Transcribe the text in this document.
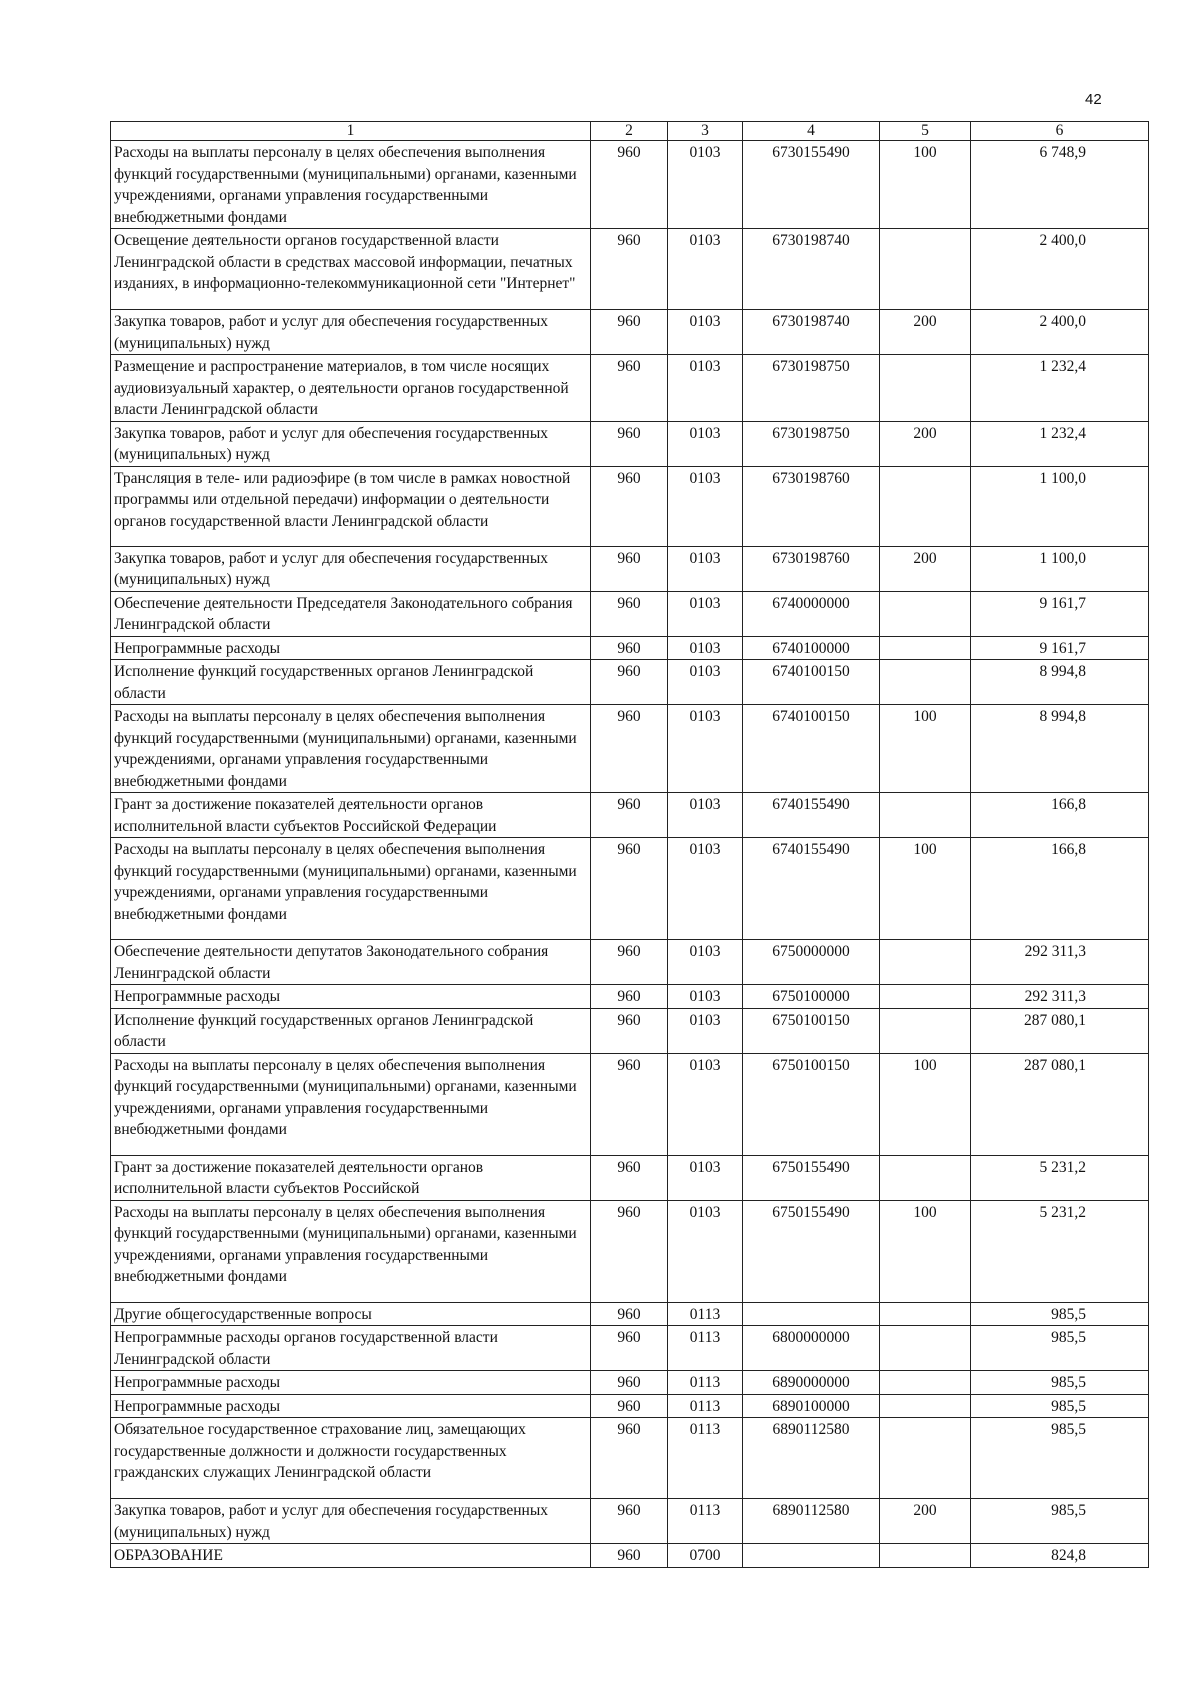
42
1	2	3	4	5	6
Расходы на выплаты персоналу в целях обеспечения выполнения функций государственными (муниципальными) органами, казенными учреждениями, органами управления государственными внебюджетными фондами	960	0103	6730155490	100	6 748,9
Освещение деятельности органов государственной власти Ленинградской области в средствах массовой информации, печатных изданиях, в информационно-телекоммуникационной сети "Интернет"	960	0103	6730198740		2 400,0
Закупка товаров, работ и услуг для обеспечения государственных (муниципальных) нужд	960	0103	6730198740	200	2 400,0
Размещение и распространение материалов, в том числе носящих аудиовизуальный характер, о деятельности органов государственной власти Ленинградской области	960	0103	6730198750		1 232,4
Закупка товаров, работ и услуг для обеспечения государственных (муниципальных) нужд	960	0103	6730198750	200	1 232,4
Трансляция в теле- или радиоэфире (в том числе в рамках новостной программы или отдельной передачи) информации о деятельности органов государственной власти Ленинградской области	960	0103	6730198760		1 100,0
Закупка товаров, работ и услуг для обеспечения государственных (муниципальных) нужд	960	0103	6730198760	200	1 100,0
Обеспечение деятельности Председателя Законодательного собрания Ленинградской области	960	0103	6740000000		9 161,7
Непрограммные расходы	960	0103	6740100000		9 161,7
Исполнение функций государственных органов Ленинградской области	960	0103	6740100150		8 994,8
Расходы на выплаты персоналу в целях обеспечения выполнения функций государственными (муниципальными) органами, казенными учреждениями, органами управления государственными внебюджетными фондами	960	0103	6740100150	100	8 994,8
Грант за достижение показателей деятельности органов исполнительной власти субъектов Российской Федерации	960	0103	6740155490		166,8
Расходы на выплаты персоналу в целях обеспечения выполнения функций государственными (муниципальными) органами, казенными учреждениями, органами управления государственными внебюджетными фондами	960	0103	6740155490	100	166,8
Обеспечение деятельности депутатов Законодательного собрания Ленинградской области	960	0103	6750000000		292 311,3
Непрограммные расходы	960	0103	6750100000		292 311,3
Исполнение функций государственных органов Ленинградской области	960	0103	6750100150		287 080,1
Расходы на выплаты персоналу в целях обеспечения выполнения функций государственными (муниципальными) органами, казенными учреждениями, органами управления государственными внебюджетными фондами	960	0103	6750100150	100	287 080,1
Грант за достижение показателей деятельности органов исполнительной власти субъектов Российской	960	0103	6750155490		5 231,2
Расходы на выплаты персоналу в целях обеспечения выполнения функций государственными (муниципальными) органами, казенными учреждениями, органами управления государственными внебюджетными фондами	960	0103	6750155490	100	5 231,2
Другие общегосударственные вопросы	960	0113			985,5
Непрограммные расходы органов государственной власти Ленинградской области	960	0113	6800000000		985,5
Непрограммные расходы	960	0113	6890000000		985,5
Непрограммные расходы	960	0113	6890100000		985,5
Обязательное государственное страхование лиц, замещающих государственные должности и должности государственных гражданских служащих Ленинградской области	960	0113	6890112580		985,5
Закупка товаров, работ и услуг для обеспечения государственных (муниципальных) нужд	960	0113	6890112580	200	985,5
ОБРАЗОВАНИЕ	960	0700			824,8
